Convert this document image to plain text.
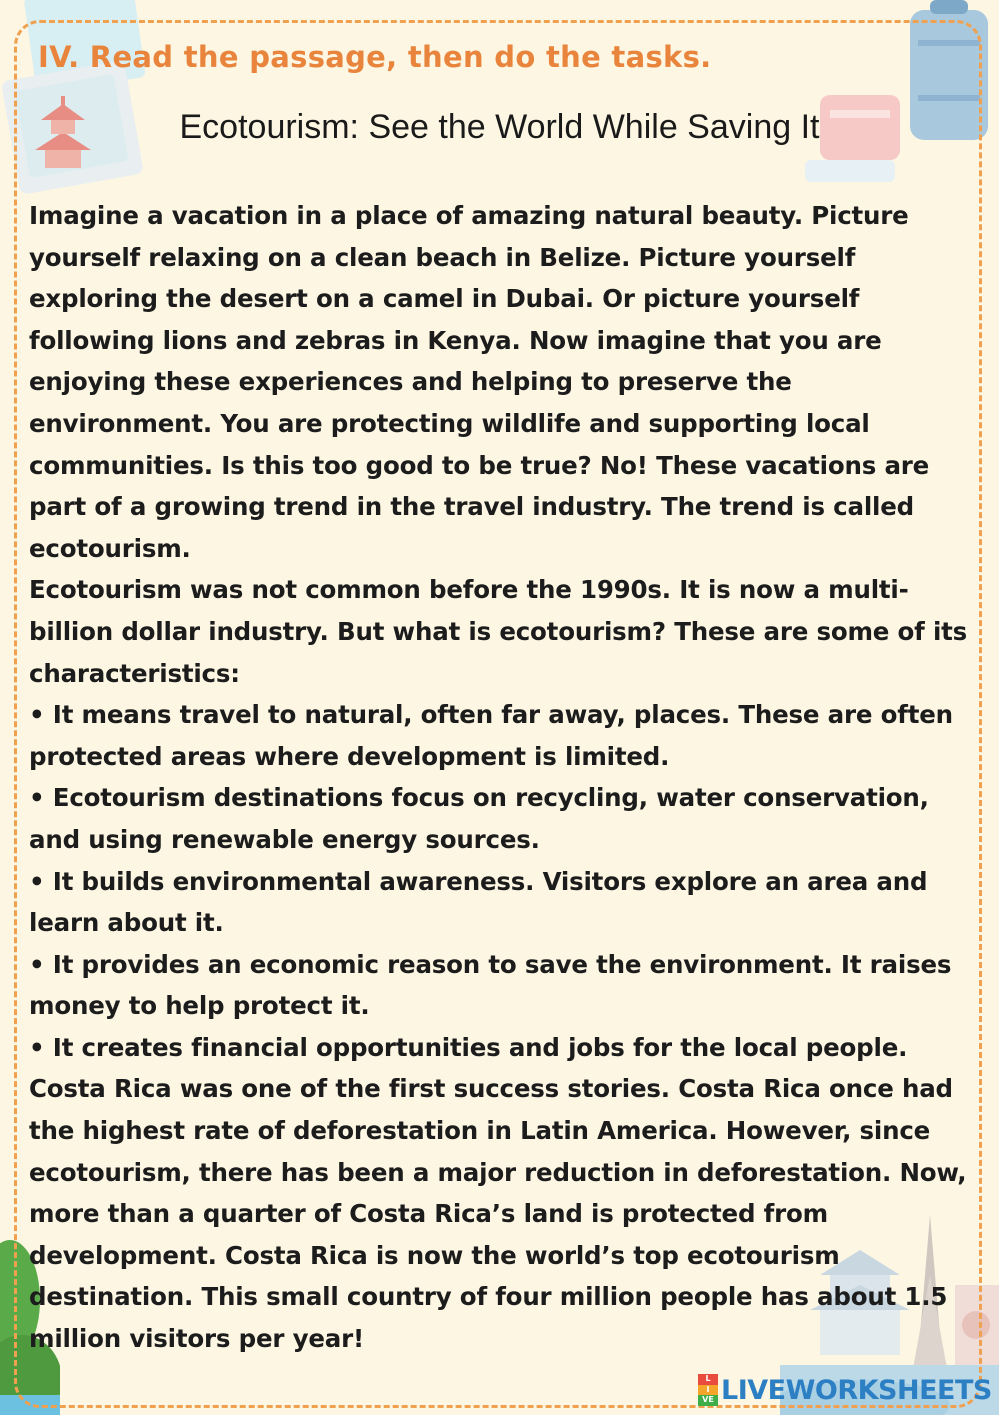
IV. Read the passage, then do the tasks.
Ecotourism: See the World While Saving It

Imagine a vacation in a place of amazing natural beauty. Picture yourself relaxing on a clean beach in Belize. Picture yourself exploring the desert on a camel in Dubai. Or picture yourself following lions and zebras in Kenya. Now imagine that you are enjoying these experiences and helping to preserve the environment. You are protecting wildlife and supporting local communities. Is this too good to be true? No! These vacations are part of a growing trend in the travel industry. The trend is called ecotourism.

Ecotourism was not common before the 1990s. It is now a multi-billion dollar industry. But what is ecotourism? These are some of its characteristics:

• It means travel to natural, often far away, places. These are often protected areas where development is limited.

• Ecotourism destinations focus on recycling, water conservation, and using renewable energy sources.

• It builds environmental awareness. Visitors explore an area and learn about it.

• It provides an economic reason to save the environment. It raises money to help protect it.

• It creates financial opportunities and jobs for the local people.

Costa Rica was one of the first success stories. Costa Rica once had the highest rate of deforestation in Latin America. However, since ecotourism, there has been a major reduction in deforestation. Now, more than a quarter of Costa Rica’s land is protected from development. Costa Rica is now the world’s top ecotourism destination. This small country of four million people has about 1.5 million visitors per year!

L
I
VE LIVEWORKSHEETS
